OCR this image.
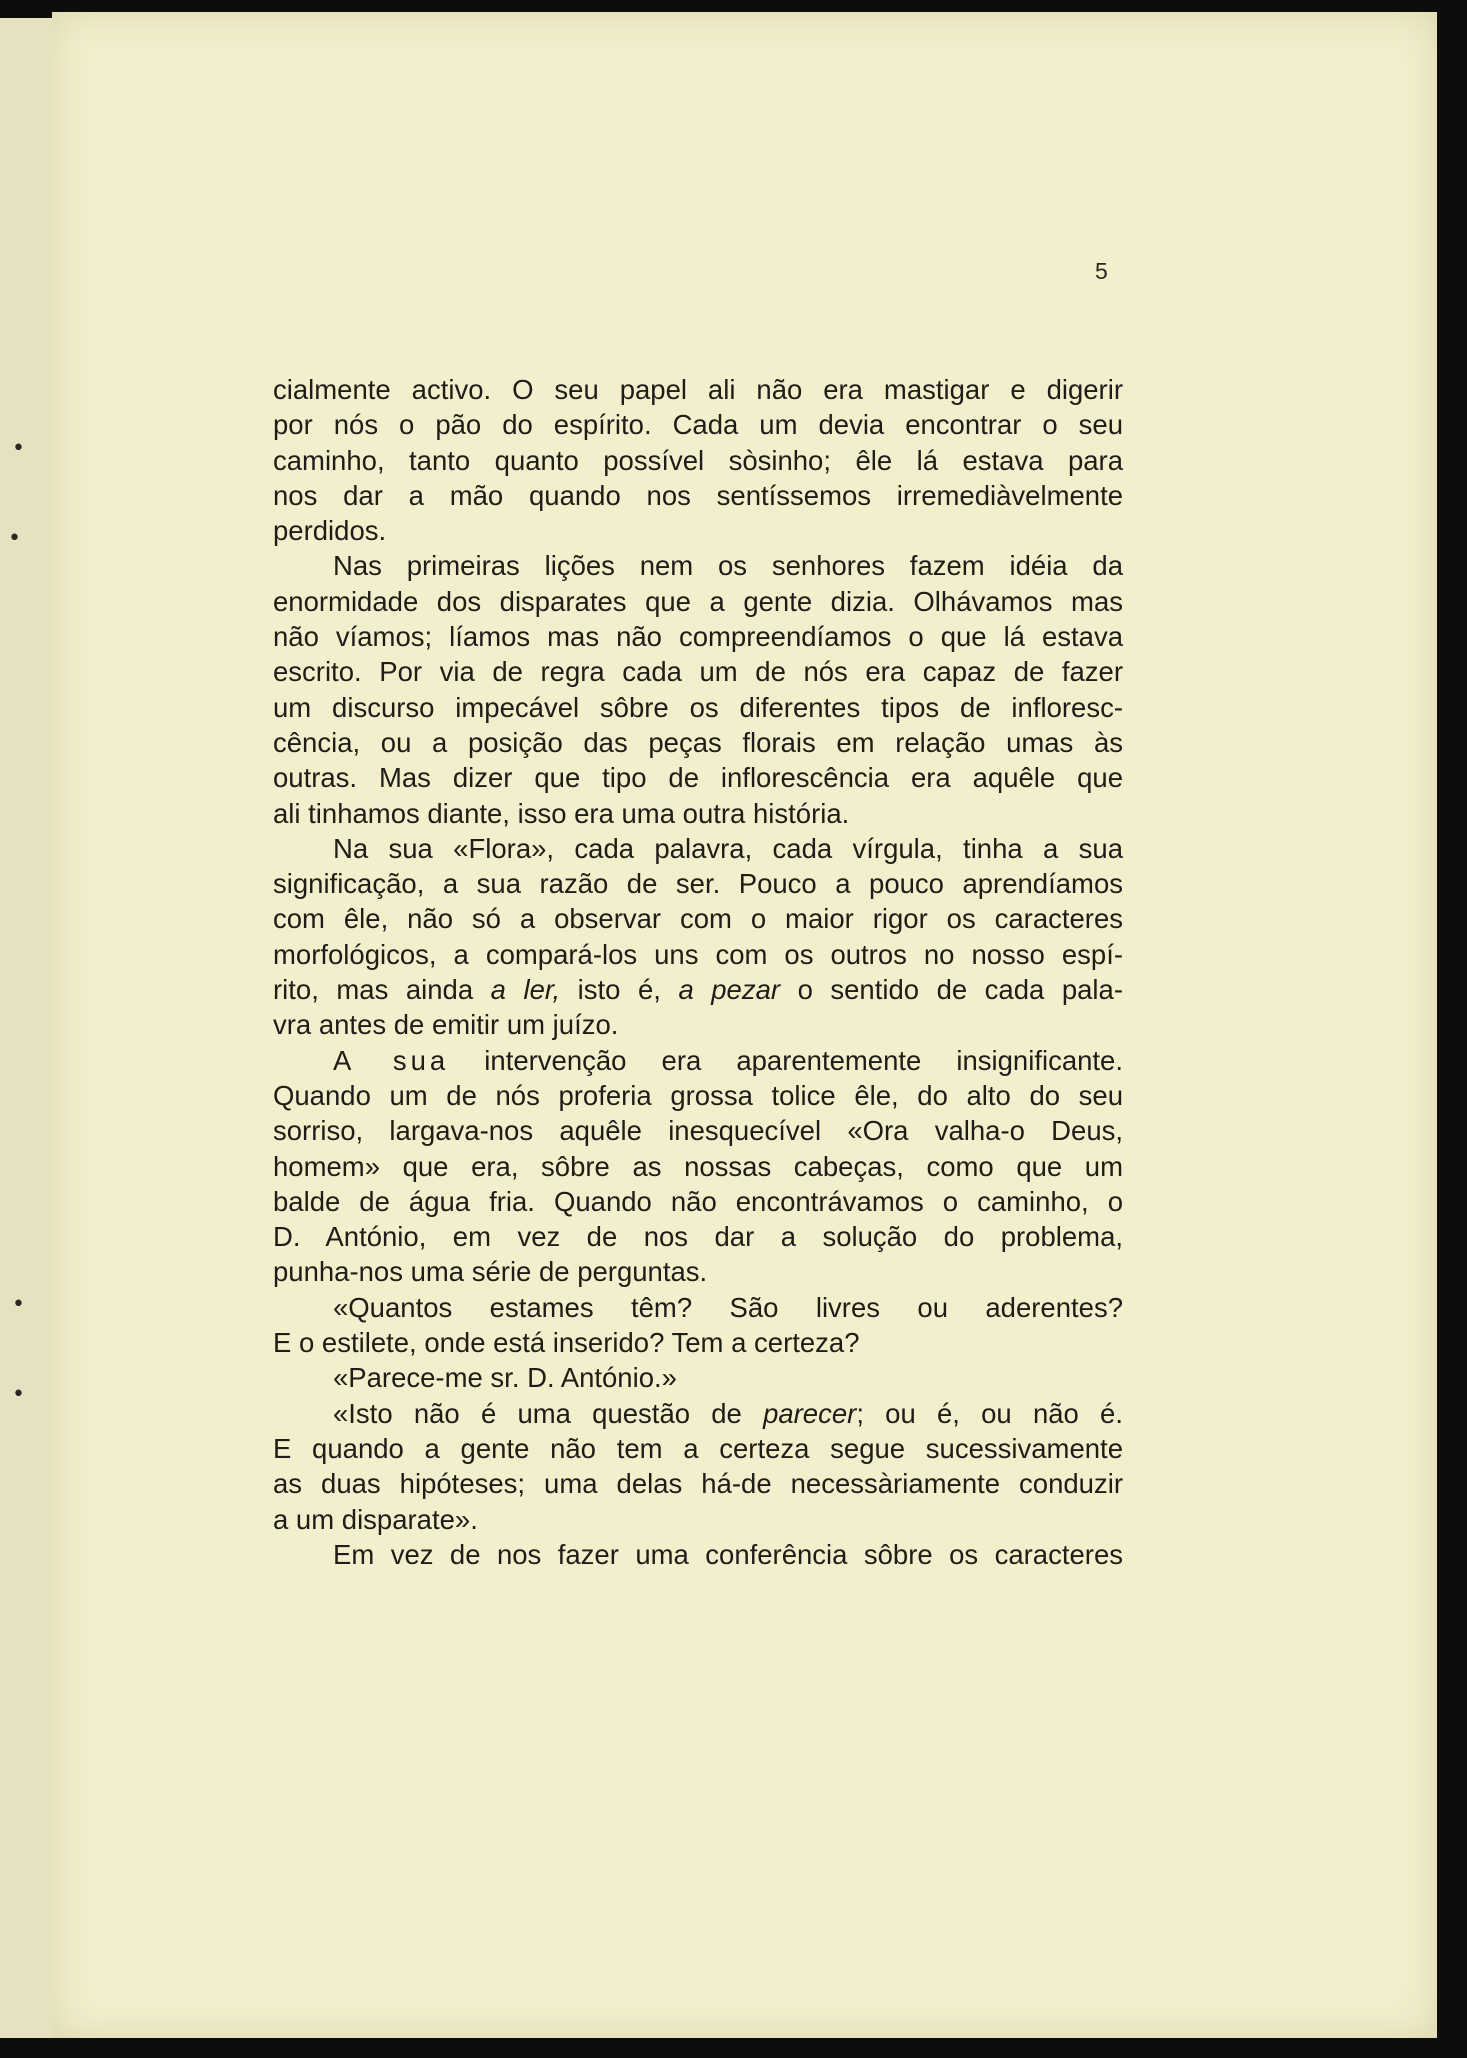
•
•
•
•
5
cialmente activo. O seu papel ali não era mastigar e digerir
por nós o pão do espírito. Cada um devia encontrar o seu
caminho, tanto quanto possível sòsinho; êle lá estava para
nos dar a mão quando nos sentíssemos irremediàvelmente
perdidos.
Nas primeiras lições nem os senhores fazem idéia da
enormidade dos disparates que a gente dizia. Olhávamos mas
não víamos; líamos mas não compreendíamos o que lá estava
escrito. Por via de regra cada um de nós era capaz de fazer
um discurso impecável sôbre os diferentes tipos de infloresc-
cência, ou a posição das peças florais em relação umas às
outras. Mas dizer que tipo de inflorescência era aquêle que
ali tinhamos diante, isso era uma outra história.
Na sua «Flora», cada palavra, cada vírgula, tinha a sua
significação, a sua razão de ser. Pouco a pouco aprendíamos
com êle, não só a observar com o maior rigor os caracteres
morfológicos, a compará-los uns com os outros no nosso espí-
rito, mas ainda a ler, isto é, a pezar o sentido de cada pala-
vra antes de emitir um juízo.
A sua intervenção era aparentemente insignificante.
Quando um de nós proferia grossa tolice êle, do alto do seu
sorriso, largava-nos aquêle inesquecível «Ora valha-o Deus,
homem» que era, sôbre as nossas cabeças, como que um
balde de água fria. Quando não encontrávamos o caminho, o
D. António, em vez de nos dar a solução do problema,
punha-nos uma série de perguntas.
«Quantos estames têm? São livres ou aderentes?
E o estilete, onde está inserido? Tem a certeza?
«Parece-me sr. D. António.»
«Isto não é uma questão de parecer; ou é, ou não é.
E quando a gente não tem a certeza segue sucessivamente
as duas hipóteses; uma delas há-de necessàriamente conduzir
a um disparate».
Em vez de nos fazer uma conferência sôbre os caracteres
